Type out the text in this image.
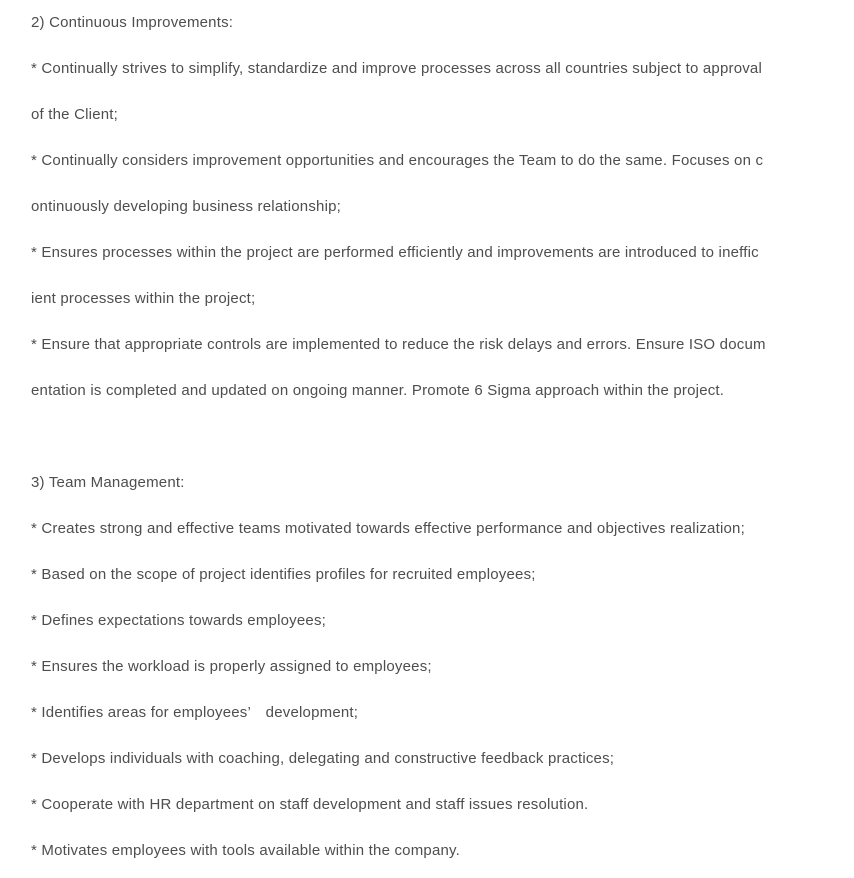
2) Continuous Improvements:
* Continually strives to simplify, standardize and improve processes across all countries subject to approval
of the Client;
* Continually considers improvement opportunities and encourages the Team to do the same. Focuses on c
ontinuously developing business relationship;
* Ensures processes within the project are performed efficiently and improvements are introduced to ineffic
ient processes within the project;
* Ensure that appropriate controls are implemented to reduce the risk delays and errors. Ensure ISO docum
entation is completed and updated on ongoing manner. Promote 6 Sigma approach within the project.
3) Team Management:
* Creates strong and effective teams motivated towards effective performance and objectives realization;
* Based on the scope of project identifies profiles for recruited employees;
* Defines expectations towards employees;
* Ensures the workload is properly assigned to employees;
* Identifies areas for employees’　development;
* Develops individuals with coaching, delegating and constructive feedback practices;
* Cooperate with HR department on staff development and staff issues resolution.
* Motivates employees with tools available within the company.
